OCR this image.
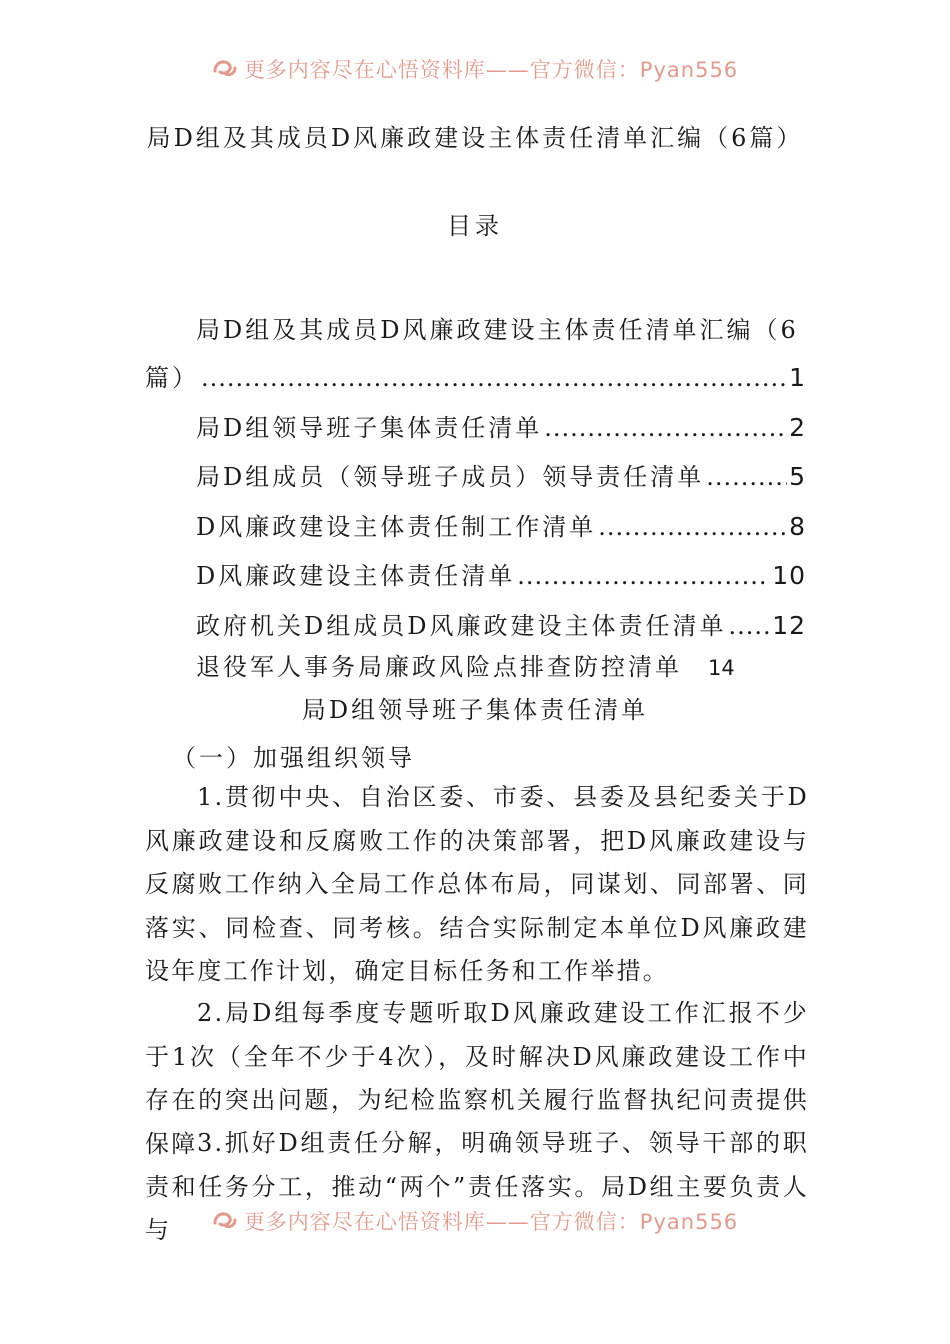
更多内容尽在心悟资料库——官方微信：Pyan556
局D组及其成员D风廉政建设主体责任清单汇编（6篇）
目录
局D组及其成员D风廉政建设主体责任清单汇编（6
篇） .....	1
局D组领导班子集体责任清单 .....	2
局D组成员（领导班子成员）领导责任清单 .....	5
D风廉政建设主体责任制工作清单 .....	8
D风廉政建设主体责任清单 .....	10
政府机关D组成员D风廉政建设主体责任清单 ..... 12
退役军人事务局廉政风险点排查防控清单 14
局D组领导班子集体责任清单
（一）加强组织领导
1.贯彻中央、自治区委、市委、县委及县纪委关于D风廉政建设和反腐败工作的决策部署，把D风廉政建设与反腐败工作纳入全局工作总体布局，同谋划、同部署、同落实、同检查、同考核。结合实际制定本单位D风廉政建设年度工作计划，确定目标任务和工作举措。
2.局D组每季度专题听取D风廉政建设工作汇报不少于1次（全年不少于4次），及时解决D风廉政建设工作中存在的突出问题，为纪检监察机关履行监督执纪问责提供保障 3.抓好D组责任分解，明确领导班子、领导干部的职责和任务分工，推动“两个”责任落实。局D组主要负责人与	更多内容尽在心悟资料库——官方微信：Pyan556
